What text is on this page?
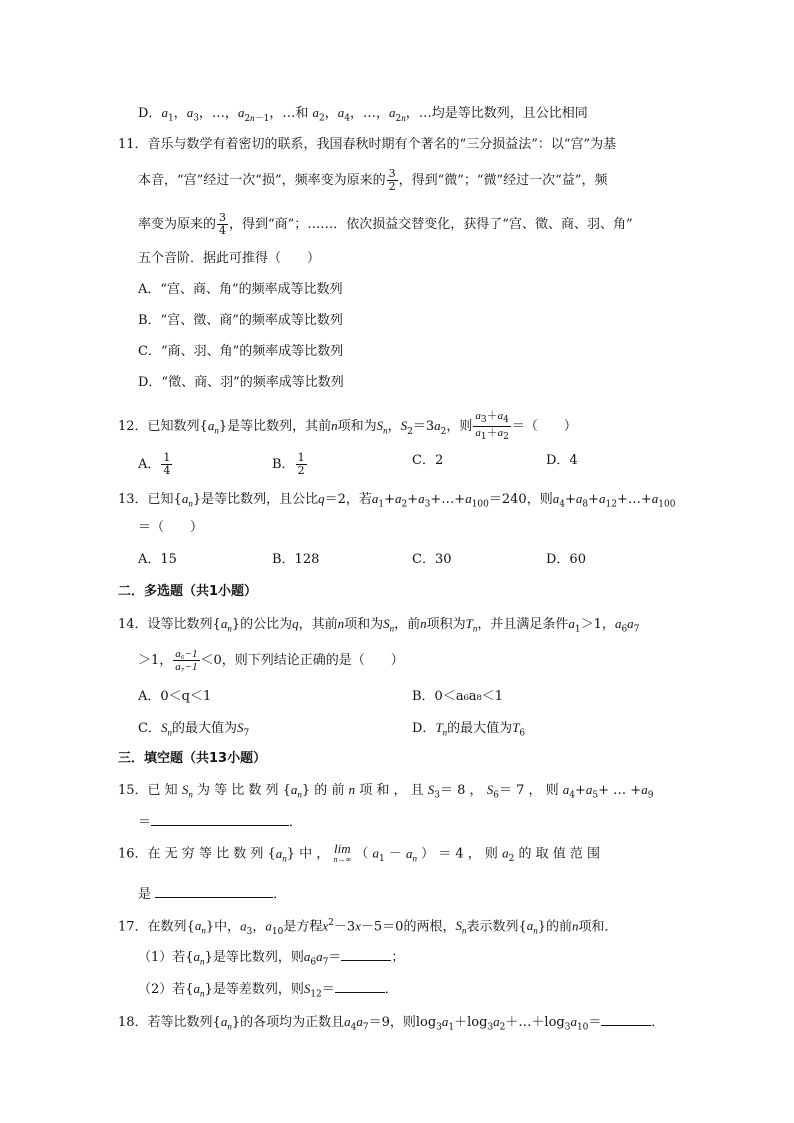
D．$a_1$，$a_3$，…，$a_{2n-1}$，…和 $a_2$，$a_4$，…，$a_{2n}$，…均是等比数列，且公比相同
11．音乐与数学有着密切的联系，我国春秋时期有个著名的“三分损益法”：以“宫”为基
本音，“宫”经过一次“损”，频率变为原来的 $\frac{3}{2}$ ，得到“微”；“微”经过一次“益”，频
率变为原来的 $\frac{3}{4}$ ，得到“商”；……．依次损益交替变化，获得了“宫、徵、商、羽、角”
五个音阶．据此可推得（　　）
A．“宫、商、角”的频率成等比数列
B．“宫、徵、商”的频率成等比数列
C．“商、羽、角”的频率成等比数列
D．“徵、商、羽”的频率成等比数列
12．已知数列$\{a_n\}$是等比数列，其前n项和为$S_n$，$S_2=3a_2$，则 $\frac{a_3+a_4}{a_1+a_2}$ ＝（　　）
A． $\frac{1}{4}$	B． $\frac{1}{2}$	C．2	D．4
13．已知$\{a_n\}$是等比数列，且公比q＝2，若$a_1+a_2+a_3+\dots+a_{100}=240$，则$a_4+a_8+a_{12}+\dots+a_{100}$
＝（　　）
A．15	B．128	C．30	D．60
二．多选题（共1小题）
14．设等比数列$\{a_n\}$的公比为q，其前n项和为$S_n$，前n项积为$T_n$，并且满足条件$a_1>1$，$a_6a_7$
＞1， $\frac{\text{a₆−1}}{\text{a₇−1}} <0$，则下列结论正确的是（　　）
A．0＜q＜1	B．0＜a₆a₈＜1
C．$S_n$的最大值为$S_7$	D．$T_n$的最大值为$T_6$
三．填空题（共13小题）
15．已 知 $S_n$ 为 等 比 数 列 $\{a_n\}$ 的 前 n 项 和 ， 且 $S_3= 8$ ， $S_6= 7$ ， 则 $a_4+a_5+$ … $+a_9$
＝	．
16．在 无 穷 等 比 数 列 $\{a_n\}$ 中 ， lim
n→∞ （ $a_1 - a_n$ ） ＝ 4 ， 则 $a_2$ 的 取 值 范 围
是	．
17．在数列$\{a_n\}$中，$a_3$，$a_{10}$是方程$x^2-3x-5=0$的两根，$S_n$表示数列$\{a_n\}$的前n项和．
（1）若$\{a_n\}$是等比数列，则$a_6a_7=$	；
（2）若$\{a_n\}$是等差数列，则$S_{12}=$	．
18．若等比数列$\{a_n\}$的各项均为正数且$a_4a_7=9$，则$\log_3a_1+\log_3a_2+\dots+\log_3a_{10}=$	．
